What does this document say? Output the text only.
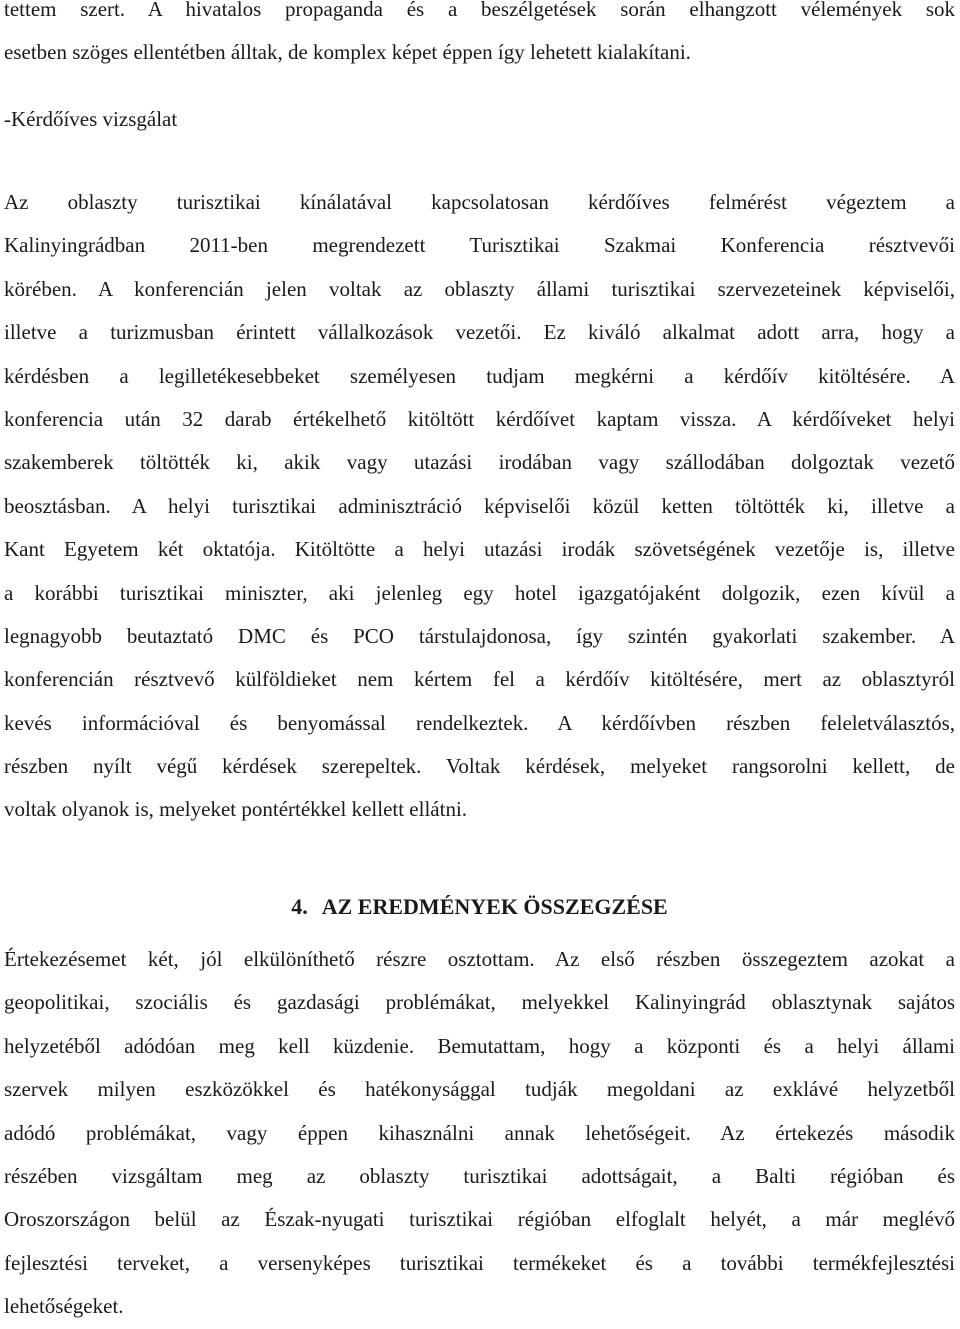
tettem szert. A hivatalos propaganda és a beszélgetések során elhangzott vélemények sok
esetben szöges ellentétben álltak, de komplex képet éppen így lehetett kialakítani.
-Kérdőíves vizsgálat
Az oblaszty turisztikai kínálatával kapcsolatosan kérdőíves felmérést végeztem a
Kalinyingrádban 2011-ben megrendezett Turisztikai Szakmai Konferencia résztvevői
körében. A konferencián jelen voltak az oblaszty állami turisztikai szervezeteinek képviselői,
illetve a turizmusban érintett vállalkozások vezetői. Ez kiváló alkalmat adott arra, hogy a
kérdésben a legilletékesebbeket személyesen tudjam megkérni a kérdőív kitöltésére. A
konferencia után 32 darab értékelhető kitöltött kérdőívet kaptam vissza. A kérdőíveket helyi
szakemberek töltötték ki, akik vagy utazási irodában vagy szállodában dolgoztak vezető
beosztásban. A helyi turisztikai adminisztráció képviselői közül ketten töltötték ki, illetve a
Kant Egyetem két oktatója. Kitöltötte a helyi utazási irodák szövetségének vezetője is, illetve
a korábbi turisztikai miniszter, aki jelenleg egy hotel igazgatójaként dolgozik, ezen kívül a
legnagyobb beutaztató DMC és PCO társtulajdonosa, így szintén gyakorlati szakember. A
konferencián résztvevő külföldieket nem kértem fel a kérdőív kitöltésére, mert az oblasztyról
kevés információval és benyomással rendelkeztek. A kérdőívben részben feleletválasztós,
részben nyílt végű kérdések szerepeltek. Voltak kérdések, melyeket rangsorolni kellett, de
voltak olyanok is, melyeket pontértékkel kellett ellátni.
4. AZ EREDMÉNYEK ÖSSZEGZÉSE
Értekezésemet két, jól elkülöníthető részre osztottam. Az első részben összegeztem azokat a
geopolitikai, szociális és gazdasági problémákat, melyekkel Kalinyingrád oblasztynak sajátos
helyzetéből adódóan meg kell küzdenie. Bemutattam, hogy a központi és a helyi állami
szervek milyen eszközökkel és hatékonysággal tudják megoldani az exklávé helyzetből
adódó problémákat, vagy éppen kihasználni annak lehetőségeit. Az értekezés második
részében vizsgáltam meg az oblaszty turisztikai adottságait, a Balti régióban és
Oroszországon belül az Észak-nyugati turisztikai régióban elfoglalt helyét, a már meglévő
fejlesztési terveket, a versenyképes turisztikai termékeket és a további termékfejlesztési
lehetőségeket.
